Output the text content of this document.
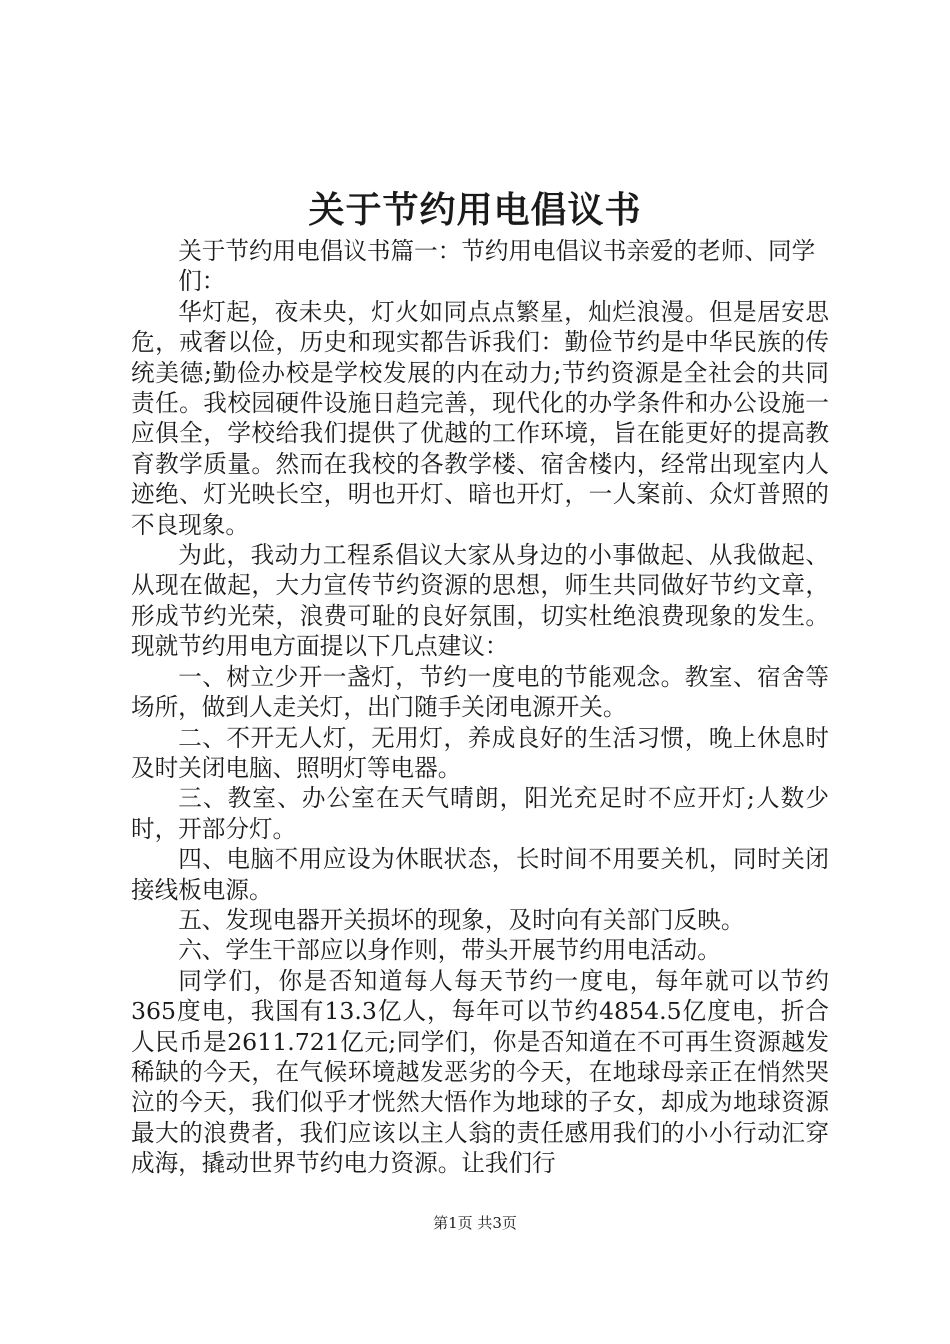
关于节约用电倡议书

关于节约用电倡议书篇一：节约用电倡议书亲爱的老师、同学们：

华灯起，夜未央，灯火如同点点繁星，灿烂浪漫。但是居安思危，戒奢以俭，历史和现实都告诉我们：勤俭节约是中华民族的传统美德;勤俭办校是学校发展的内在动力;节约资源是全社会的共同责任。我校园硬件设施日趋完善，现代化的办学条件和办公设施一应俱全，学校给我们提供了优越的工作环境，旨在能更好的提高教育教学质量。然而在我校的各教学楼、宿舍楼内，经常出现室内人迹绝、灯光映长空，明也开灯、暗也开灯，一人案前、众灯普照的不良现象。

为此，我动力工程系倡议大家从身边的小事做起、从我做起、从现在做起，大力宣传节约资源的思想，师生共同做好节约文章，形成节约光荣，浪费可耻的良好氛围，切实杜绝浪费现象的发生。现就节约用电方面提以下几点建议：

一、树立少开一盏灯，节约一度电的节能观念。教室、宿舍等场所，做到人走关灯，出门随手关闭电源开关。

二、不开无人灯，无用灯，养成良好的生活习惯，晚上休息时及时关闭电脑、照明灯等电器。

三、教室、办公室在天气晴朗，阳光充足时不应开灯;人数少时，开部分灯。

四、电脑不用应设为休眠状态，长时间不用要关机，同时关闭接线板电源。

五、发现电器开关损坏的现象，及时向有关部门反映。

六、学生干部应以身作则，带头开展节约用电活动。

同学们，你是否知道每人每天节约一度电，每年就可以节约365度电，我国有13.3亿人，每年可以节约4854.5亿度电，折合人民币是2611.721亿元;同学们，你是否知道在不可再生资源越发稀缺的今天，在气候环境越发恶劣的今天，在地球母亲正在悄然哭泣的今天，我们似乎才恍然大悟作为地球的子女，却成为地球资源最大的浪费者，我们应该以主人翁的责任感用我们的小小行动汇穿成海，撬动世界节约电力资源。让我们行

第1页 共3页
